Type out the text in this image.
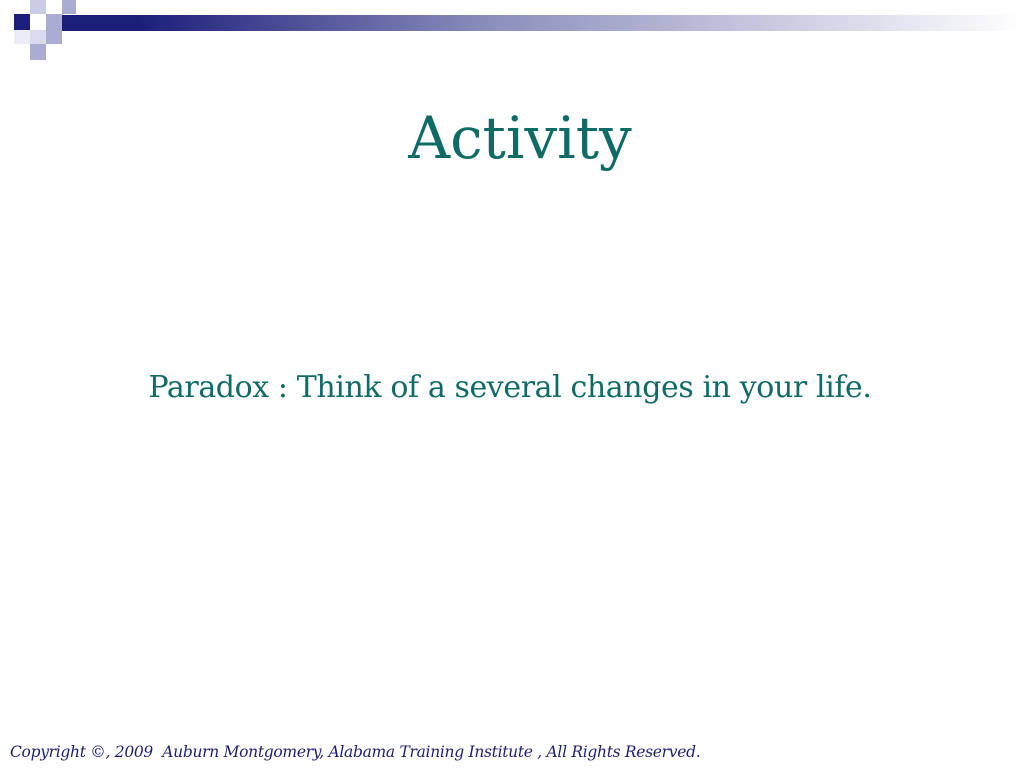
Activity
Paradox : Think of a several changes in your life.
Copyright ©, 2009  Auburn Montgomery, Alabama Training Institute , All Rights Reserved.
